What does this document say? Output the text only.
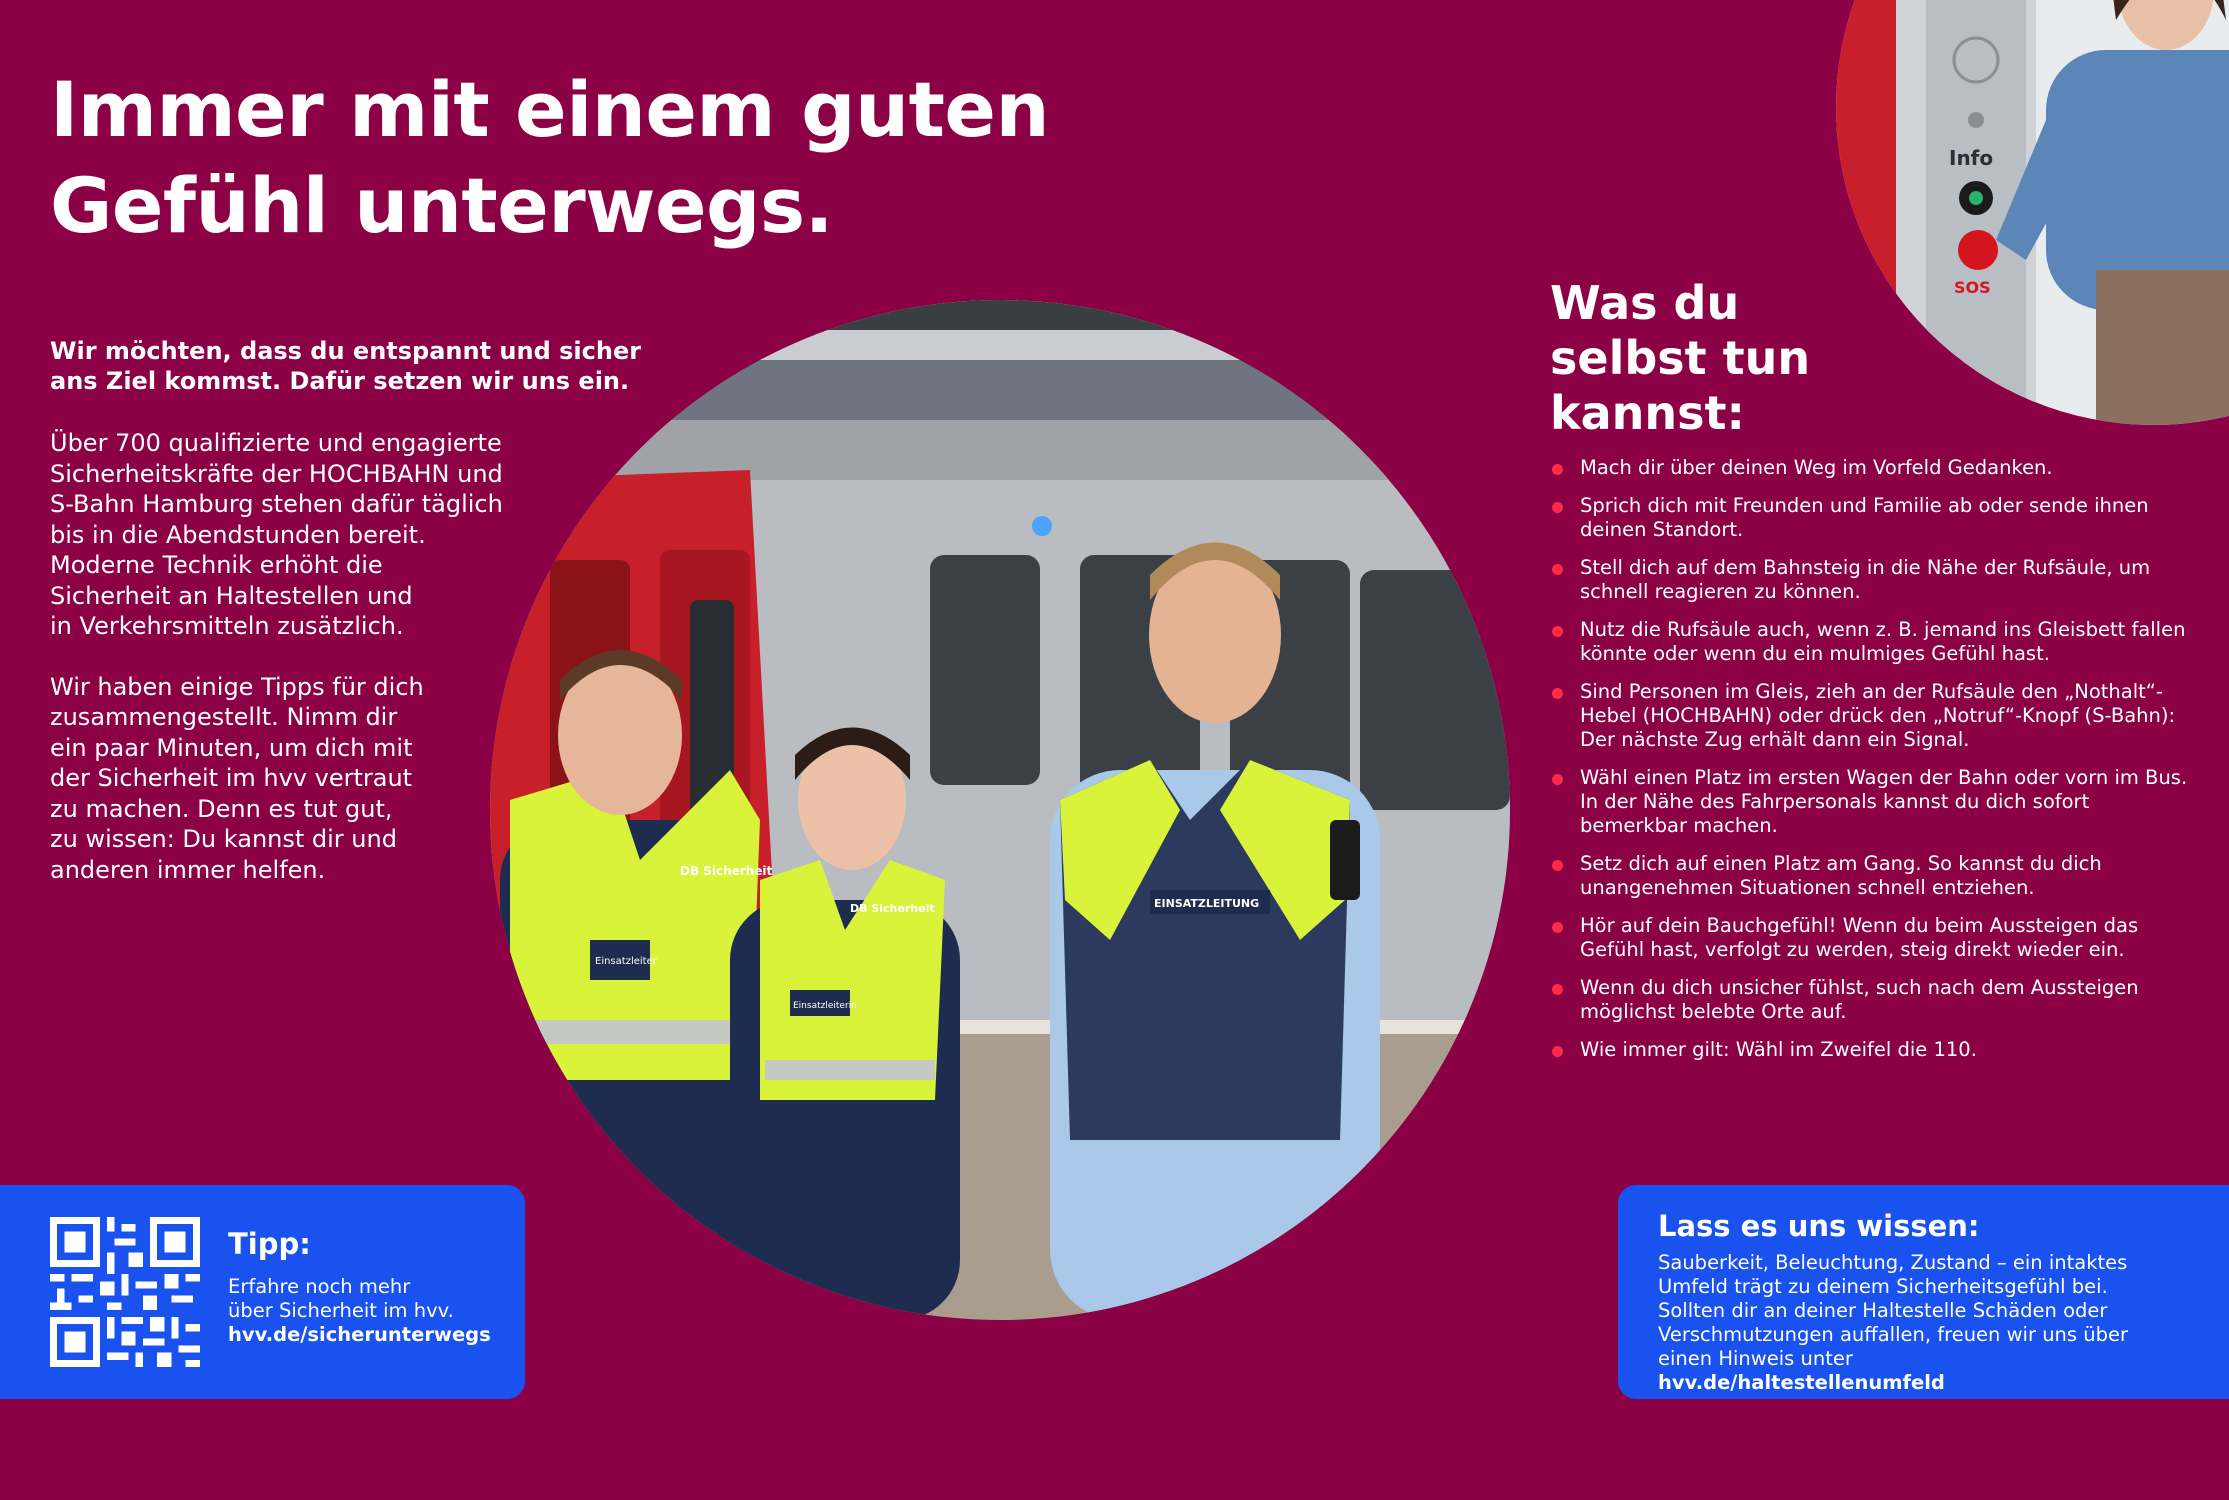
Immer mit einem guten
Gefühl unterwegs.
Wir möchten, dass du entspannt und sicher
ans Ziel kommst. Dafür setzen wir uns ein.
Über 700 qualifizierte und engagierte
Sicherheitskräfte der HOCHBAHN und
S-Bahn Hamburg stehen dafür täglich
bis in die Abendstunden bereit.
Moderne Technik erhöht die
Sicherheit an Haltestellen und
in Verkehrsmitteln zusätzlich.
Wir haben einige Tipps für dich
zusammengestellt. Nimm dir
ein paar Minuten, um dich mit
der Sicherheit im hvv vertraut
zu machen. Denn es tut gut,
zu wissen: Du kannst dir und
anderen immer helfen.
Einsatzleiter
DB Sicherheit
Einsatzleiterin
DB Sicherheit	EINSATZLEITUNG
Info
SOS
Was du
selbst tun
kannst:
Mach dir über deinen Weg im Vorfeld Gedanken.
Sprich dich mit Freunden und Familie ab oder sende ihnen deinen Standort.
Stell dich auf dem Bahnsteig in die Nähe der Rufsäule, um schnell reagieren zu können.
Nutz die Rufsäule auch, wenn z. B. jemand ins Gleisbett fallen könnte oder wenn du ein mulmiges Gefühl hast.
Sind Personen im Gleis, zieh an der Rufsäule den „Nothalt“-Hebel (HOCHBAHN) oder drück den „Notruf“-Knopf (S-Bahn): Der nächste Zug erhält dann ein Signal.
Wähl einen Platz im ersten Wagen der Bahn oder vorn im Bus. In der Nähe des Fahrpersonals kannst du dich sofort bemerkbar machen.
Setz dich auf einen Platz am Gang. So kannst du dich unangenehmen Situationen schnell entziehen.
Hör auf dein Bauchgefühl! Wenn du beim Aussteigen das Gefühl hast, verfolgt zu werden, steig direkt wieder ein.
Wenn du dich unsicher fühlst, such nach dem Aussteigen möglichst belebte Orte auf.
Wie immer gilt: Wähl im Zweifel die 110.
Tipp:
Erfahre noch mehr
über Sicherheit im hvv.
hvv.de/sicherunterwegs
Lass es uns wissen:
Sauberkeit, Beleuchtung, Zustand – ein intaktes
Umfeld trägt zu deinem Sicherheitsgefühl bei.
Sollten dir an deiner Haltestelle Schäden oder
Verschmutzungen auffallen, freuen wir uns über
einen Hinweis unter
hvv.de/haltestellenumfeld
